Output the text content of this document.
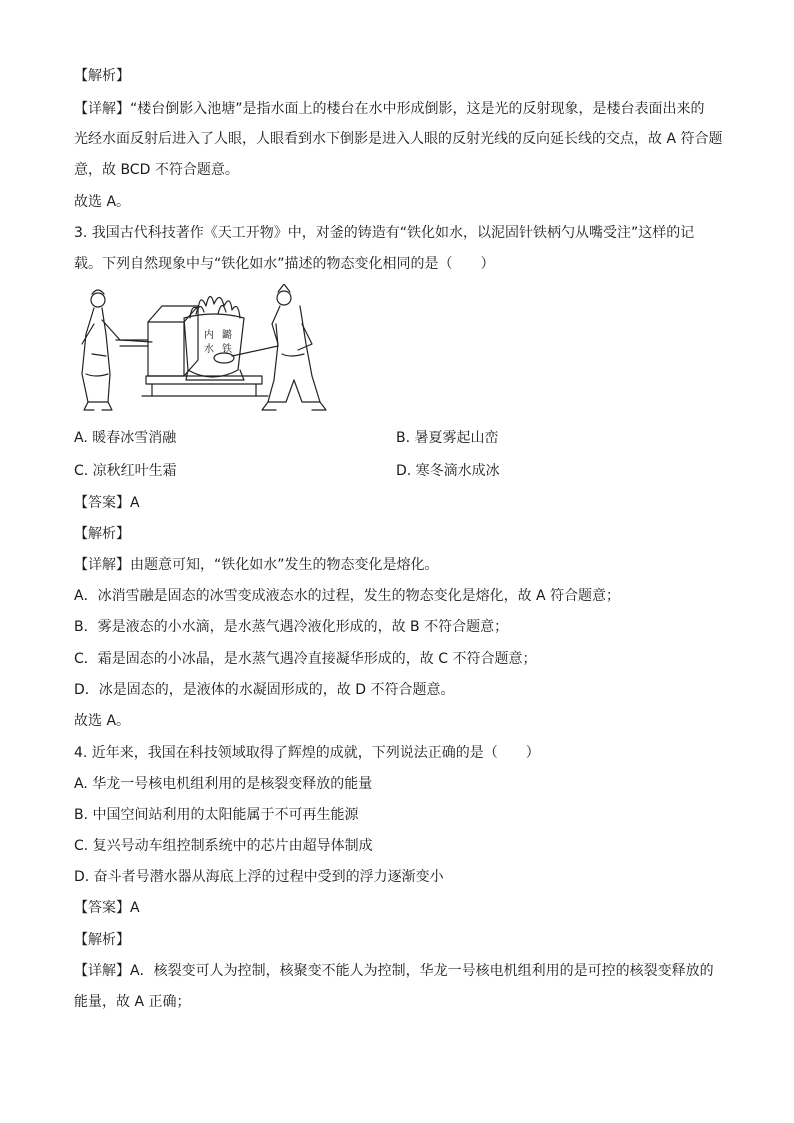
【解析】
【详解】“楼台倒影入池塘”是指水面上的楼台在水中形成倒影，这是光的反射现象，是楼台表面出来的
光经水面反射后进入了人眼，人眼看到水下倒影是进入人眼的反射光线的反向延长线的交点，故 A 符合题
意，故 BCD 不符合题意。
故选 A。
3. 我国古代科技著作《天工开物》中，对釜的铸造有“铁化如水，以泥固针铁柄勺从嘴受注”这样的记
载。下列自然现象中与“铁化如水”描述的物态变化相同的是（　　）
鏴
铁
内
水
A. 暖春冰雪消融	B. 暑夏雾起山峦
C. 凉秋红叶生霜	D. 寒冬滴水成冰
【答案】A
【解析】
【详解】由题意可知，“铁化如水”发生的物态变化是熔化。
A．冰消雪融是固态的冰雪变成液态水的过程，发生的物态变化是熔化，故 A 符合题意；
B．雾是液态的小水滴，是水蒸气遇冷液化形成的，故 B 不符合题意；
C．霜是固态的小冰晶，是水蒸气遇冷直接凝华形成的，故 C 不符合题意；
D．冰是固态的，是液体的水凝固形成的，故 D 不符合题意。
故选 A。
4. 近年来，我国在科技领域取得了辉煌的成就，下列说法正确的是（　　）
A. 华龙一号核电机组利用的是核裂变释放的能量
B. 中国空间站利用的太阳能属于不可再生能源
C. 复兴号动车组控制系统中的芯片由超导体制成
D. 奋斗者号潜水器从海底上浮的过程中受到的浮力逐渐变小
【答案】A
【解析】
【详解】A．核裂变可人为控制，核聚变不能人为控制，华龙一号核电机组利用的是可控的核裂变释放的
能量，故 A 正确；
